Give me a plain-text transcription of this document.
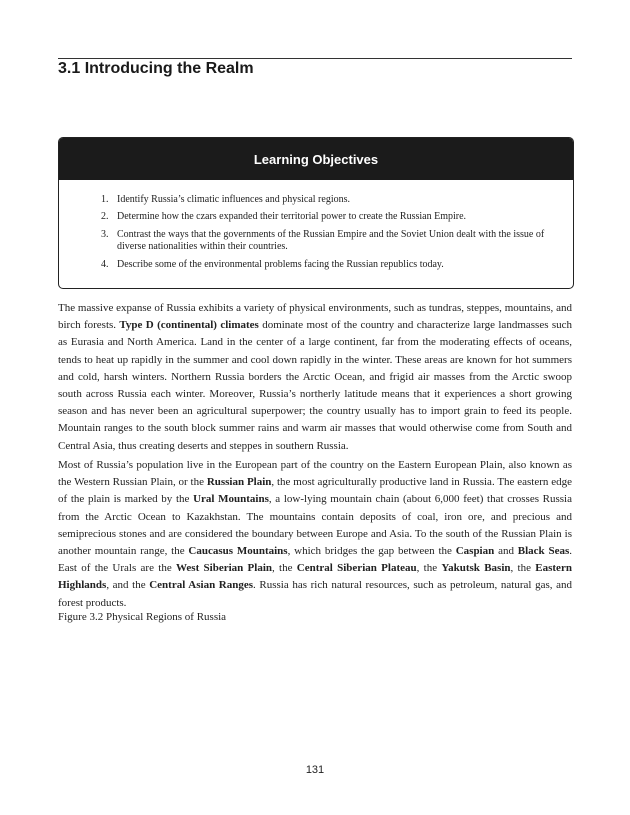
3.1 Introducing the Realm
Learning Objectives
1. Identify Russia’s climatic influences and physical regions.
2. Determine how the czars expanded their territorial power to create the Russian Empire.
3. Contrast the ways that the governments of the Russian Empire and the Soviet Union dealt with the issue of diverse nationalities within their countries.
4. Describe some of the environmental problems facing the Russian republics today.

The massive expanse of Russia exhibits a variety of physical environments, such as tundras, steppes, mountains, and birch forests. Type D (continental) climates dominate most of the country and characterize large landmasses such as Eurasia and North America. Land in the center of a large continent, far from the moderating effects of oceans, tends to heat up rapidly in the summer and cool down rapidly in the winter. These areas are known for hot summers and cold, harsh winters. Northern Russia borders the Arctic Ocean, and frigid air masses from the Arctic swoop south across Russia each winter. Moreover, Russia’s northerly latitude means that it experiences a short growing season and has never been an agricultural superpower; the country usually has to import grain to feed its people. Mountain ranges to the south block summer rains and warm air masses that would otherwise come from South and Central Asia, thus creating deserts and steppes in southern Russia.

Most of Russia’s population live in the European part of the country on the Eastern European Plain, also known as the Western Russian Plain, or the Russian Plain, the most agriculturally productive land in Russia. The eastern edge of the plain is marked by the Ural Mountains, a low-lying mountain chain (about 6,000 feet) that crosses Russia from the Arctic Ocean to Kazakhstan. The mountains contain deposits of coal, iron ore, and precious and semiprecious stones and are considered the boundary between Europe and Asia. To the south of the Russian Plain is another mountain range, the Caucasus Mountains, which bridges the gap between the Caspian and Black Seas. East of the Urals are the West Siberian Plain, the Central Siberian Plateau, the Yakutsk Basin, the Eastern Highlands, and the Central Asian Ranges. Russia has rich natural resources, such as petroleum, natural gas, and forest products.

Figure 3.2 Physical Regions of Russia

131
